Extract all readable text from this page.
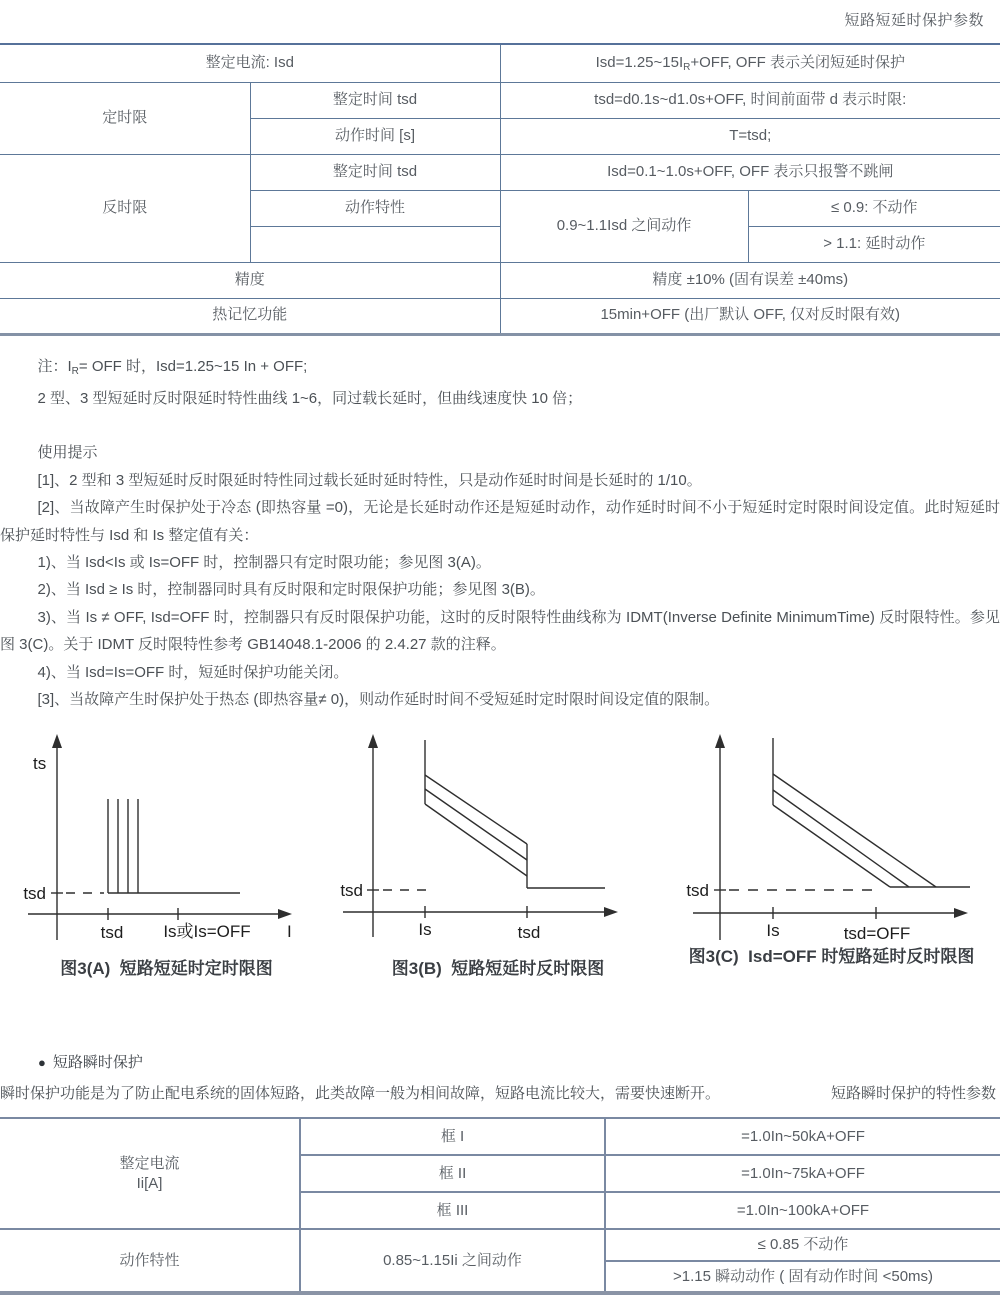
短路短延时保护参数
整定电流: Isd		$Isd=1.25\sim 15I_R+OFF$, OFF 表示关闭短延时保护	
定时限	整定时间 tsd	tsd=d0.1s~d1.0s+OFF, 时间前面带 d 表示时限:	
	动作时间 [s]	T=tsd;	
反时限	整定时间 tsd	Isd=0.1~1.0s+OFF, OFF 表示只报警不跳闸	
	动作特性	0.9~1.1Isd 之间动作	≤ 0.9: 不动作
			> 1.1: 延时动作
精度		精度 ±10% (固有误差 ±40ms)	
热记忆功能		15min+OFF (出厂默认 OFF, 仅对反时限有效)	

注：$I_R=$ OFF 时，Isd=1.25~15 In + OFF;

2 型、3 型短延时反时限延时特性曲线 1~6，同过载长延时，但曲线速度快 10 倍；

使用提示

[1]、2 型和 3 型短延时反时限延时特性同过载长延时延时特性，只是动作延时时间是长延时的 1/10。

[2]、当故障产生时保护处于冷态 (即热容量 =0)，无论是长延时动作还是短延时动作，动作延时时间不小于短延时定时限时间设定值。此时短延时保护延时特性与 Isd 和 Is 整定值有关：

1)、当 Isd<Is 或 Is=OFF 时，控制器只有定时限功能；参见图 3(A)。

2)、当 Isd ≥ Is 时，控制器同时具有反时限和定时限保护功能；参见图 3(B)。

3)、当 Is ≠ OFF, Isd=OFF 时，控制器只有反时限保护功能，这时的反时限特性曲线称为 IDMT(Inverse Definite MinimumTime) 反时限特性。参见图 3(C)。关于 IDMT 反时限特性参考 GB14048.1-2006 的 2.4.27 款的注释。

4)、当 Isd=Is=OFF 时，短延时保护功能关闭。

[3]、当故障产生时保护处于热态 (即热容量≠ 0)，则动作延时时间不受短延时定时限时间设定值的限制。

ts
tsd
tsd Is或Is=OFF I
图3(A)  短路短延时定时限图
tsd
Is	tsd
图3(B)  短路短延时反时限图
tsd
Is	tsd=OFF
图3(C)  Isd=OFF 时短路延时反时限图
● 短路瞬时保护
瞬时保护功能是为了防止配电系统的固体短路，此类故障一般为相间故障，短路电流比较大，需要快速断开。	短路瞬时保护的特性参数
整定电流
Ii[A]	框 I	=1.0In~50kA+OFF
	框 II	=1.0In~75kA+OFF
	框 III	=1.0In~100kA+OFF
动作特性	0.85~1.15Ii 之间动作	≤ 0.85 不动作
		>1.15 瞬动动作 ( 固有动作时间 <50ms)
